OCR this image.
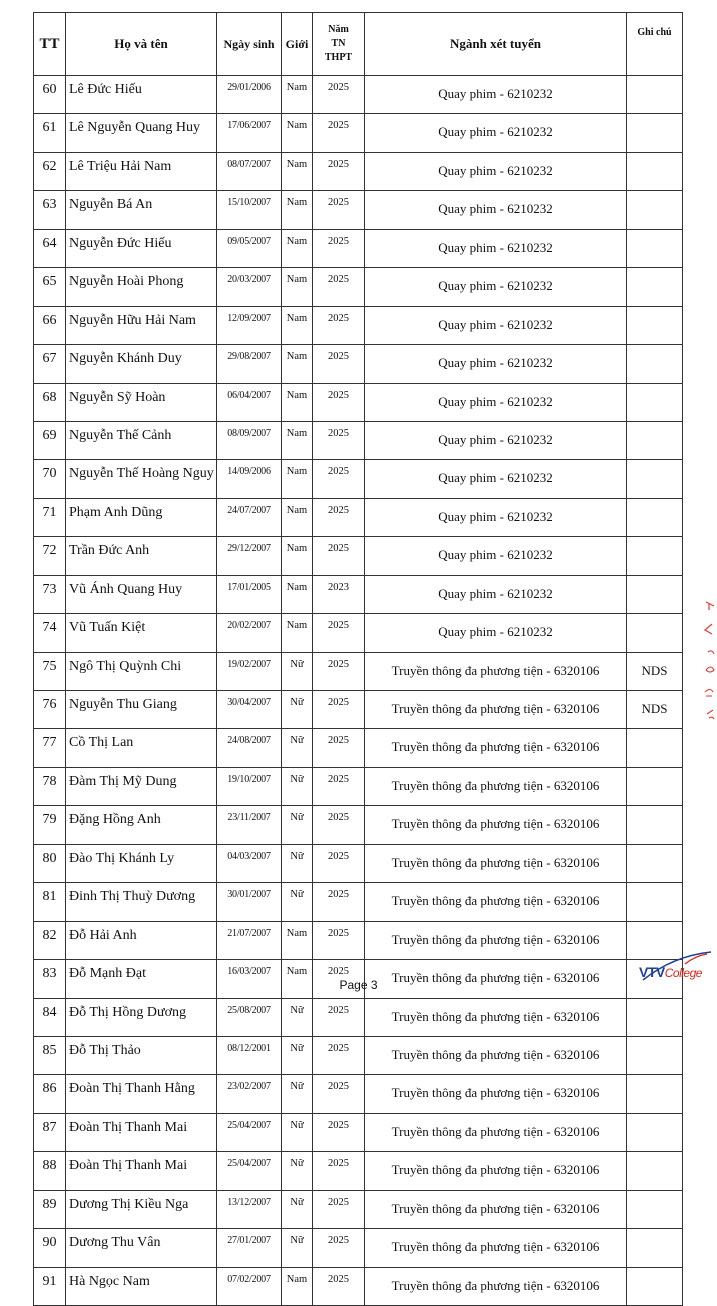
TT	Họ và tên	Ngày sinh	Giới	Năm
TN
THPT	Ngành xét tuyển	Ghi chú
60	Lê Đức Hiếu	29/01/2006	Nam	2025	Quay phim - 6210232	
61	Lê Nguyễn Quang Huy	17/06/2007	Nam	2025	Quay phim - 6210232	
62	Lê Triệu Hải Nam	08/07/2007	Nam	2025	Quay phim - 6210232	
63	Nguyễn Bá An	15/10/2007	Nam	2025	Quay phim - 6210232	
64	Nguyễn Đức Hiếu	09/05/2007	Nam	2025	Quay phim - 6210232	
65	Nguyễn Hoài Phong	20/03/2007	Nam	2025	Quay phim - 6210232	
66	Nguyễn Hữu Hải Nam	12/09/2007	Nam	2025	Quay phim - 6210232	
67	Nguyễn Khánh Duy	29/08/2007	Nam	2025	Quay phim - 6210232	
68	Nguyễn Sỹ Hoàn	06/04/2007	Nam	2025	Quay phim - 6210232	
69	Nguyễn Thế Cảnh	08/09/2007	Nam	2025	Quay phim - 6210232	
70	Nguyễn Thế Hoàng Nguy	14/09/2006	Nam	2025	Quay phim - 6210232	
71	Phạm Anh Dũng	24/07/2007	Nam	2025	Quay phim - 6210232	
72	Trần Đức Anh	29/12/2007	Nam	2025	Quay phim - 6210232	
73	Vũ Ánh Quang Huy	17/01/2005	Nam	2023	Quay phim - 6210232	
74	Vũ Tuấn Kiệt	20/02/2007	Nam	2025	Quay phim - 6210232	
75	Ngô Thị Quỳnh Chi	19/02/2007	Nữ	2025	Truyền thông đa phương tiện - 6320106	NDS
76	Nguyễn Thu Giang	30/04/2007	Nữ	2025	Truyền thông đa phương tiện - 6320106	NDS
77	Cồ Thị Lan	24/08/2007	Nữ	2025	Truyền thông đa phương tiện - 6320106	
78	Đàm Thị Mỹ Dung	19/10/2007	Nữ	2025	Truyền thông đa phương tiện - 6320106	
79	Đặng Hồng Anh	23/11/2007	Nữ	2025	Truyền thông đa phương tiện - 6320106	
80	Đào Thị Khánh Ly	04/03/2007	Nữ	2025	Truyền thông đa phương tiện - 6320106	
81	Đinh Thị Thuỳ Dương	30/01/2007	Nữ	2025	Truyền thông đa phương tiện - 6320106	
82	Đỗ Hải Anh	21/07/2007	Nam	2025	Truyền thông đa phương tiện - 6320106	
83	Đỗ Mạnh Đạt	16/03/2007	Nam	2025	Truyền thông đa phương tiện - 6320106	
84	Đỗ Thị Hồng Dương	25/08/2007	Nữ	2025	Truyền thông đa phương tiện - 6320106	
85	Đỗ Thị Thảo	08/12/2001	Nữ	2025	Truyền thông đa phương tiện - 6320106	
86	Đoàn Thị Thanh Hằng	23/02/2007	Nữ	2025	Truyền thông đa phương tiện - 6320106	
87	Đoàn Thị Thanh Mai	25/04/2007	Nữ	2025	Truyền thông đa phương tiện - 6320106	
88	Đoàn Thị Thanh Mai	25/04/2007	Nữ	2025	Truyền thông đa phương tiện - 6320106	
89	Dương Thị Kiều Nga	13/12/2007	Nữ	2025	Truyền thông đa phương tiện - 6320106	
90	Dương Thu Vân	27/01/2007	Nữ	2025	Truyền thông đa phương tiện - 6320106	
91	Hà Ngọc Nam	07/02/2007	Nam	2025	Truyền thông đa phương tiện - 6320106	
Page 3
VTVCollege
